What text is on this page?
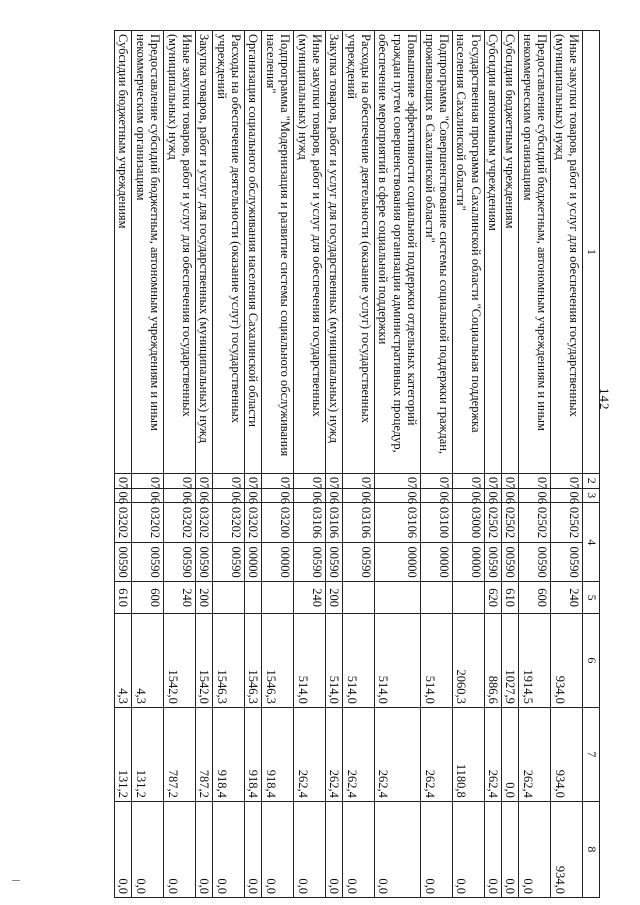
142
1	2	3	4		5	6	7	8
Иные закупки товаров, работ и услуг для обеспечения государственных (муниципальных) нужд	07	06	02502	00590	240	934,0	934,0	934,0
Предоставление субсидий бюджетным, автономным учреждениям и иным некоммерческим организациям	07	06	02502	00590	600	1914,5	262,4	0,0
Субсидии бюджетным учреждениям	07	06	02502	00590	610	1027,9	0,0	0,0
Субсидии автономным учреждениям	07	06	02502	00590	620	886,6	262,4	0,0
Государственная программа Сахалинской области "Социальная поддержка населения Сахалинской области"	07	06	03000	00000		2060,3	1180,8	0,0
Подпрограмма "Совершенствование системы социальной поддержки граждан, проживающих в Сахалинской области"	07	06	03100	00000		514,0	262,4	0,0
Повышение эффективности социальной поддержки отдельных категорий граждан путем совершенствования организации административных процедур, обеспечение мероприятий в сфере социальной поддержки	07	06	03106	00000		514,0	262,4	0,0
Расходы на обеспечение деятельности (оказание услуг) государственных учреждений	07	06	03106	00590		514,0	262,4	0,0
Закупка товаров, работ и услуг для государственных (муниципальных) нужд	07	06	03106	00590	200	514,0	262,4	0,0
Иные закупки товаров, работ и услуг для обеспечения государственных (муниципальных) нужд	07	06	03106	00590	240	514,0	262,4	0,0
Подпрограмма "Модернизация и развитие системы социального обслуживания населения"	07	06	03200	00000		1546,3	918,4	0,0
Организация социального обслуживания населения Сахалинской области	07	06	03202	00000		1546,3	918,4	0,0
Расходы на обеспечение деятельности (оказание услуг) государственных учреждений	07	06	03202	00590		1546,3	918,4	0,0
Закупка товаров, работ и услуг для государственных (муниципальных) нужд	07	06	03202	00590	200	1542,0	787,2	0,0
Иные закупки товаров, работ и услуг для обеспечения государственных (муниципальных) нужд	07	06	03202	00590	240	1542,0	787,2	0,0
Предоставление субсидий бюджетным, автономным учреждениям и иным некоммерческим организациям	07	06	03202	00590	600	4,3	131,2	0,0
Субсидии бюджетным учреждениям	07	06	03202	00590	610	4,3	131,2	0,0
